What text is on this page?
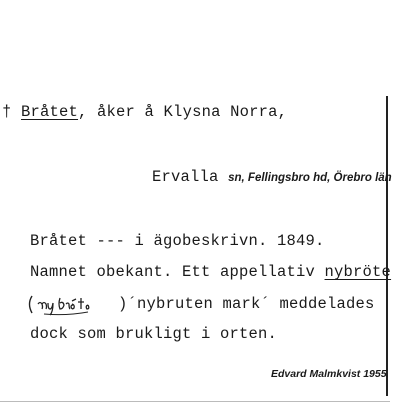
† Bråtet, åker å Klysna Norra,
Ervalla sn, Fellingsbro hd, Örebro län
Bråtet --- i ägobeskrivn. 1849.
Namnet obekant. Ett appellativ nybröte
)´nybruten mark´ meddelades
dock som brukligt i orten.
Edvard Malmkvist 1955
